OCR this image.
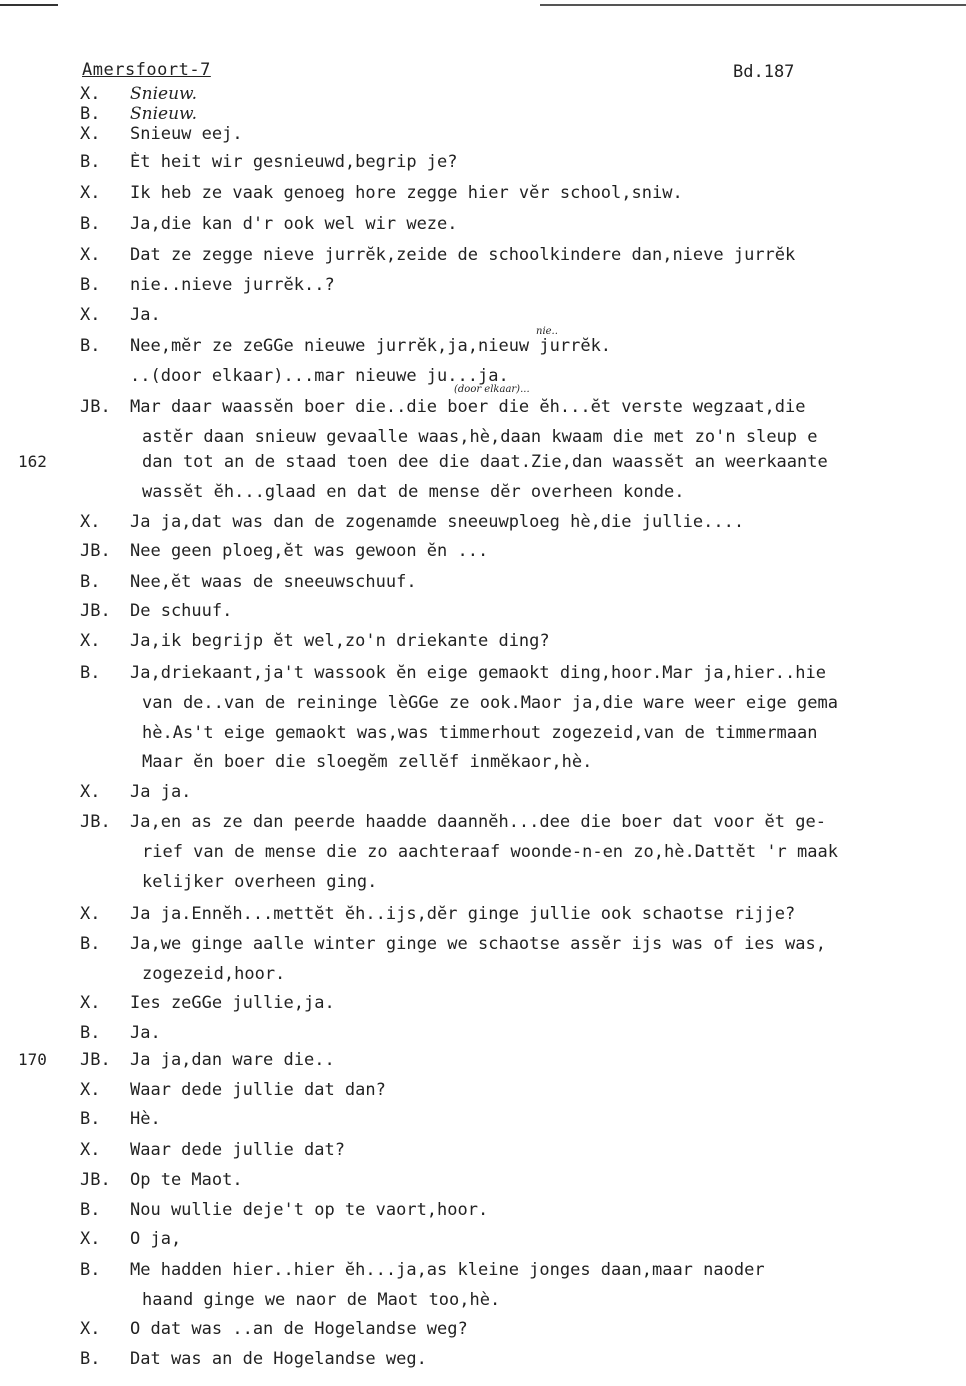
Amersfoort-7	Bd.187
162
170
nie..
(door elkaar)...
X. Snieuw.
B. Snieuw.
X. Snieuw eej.
B. Èt heit wir gesnieuwd,begrip je?
X. Ik heb ze vaak genoeg hore zegge hier vĕr school,sniw.
B. Ja,die kan d'r ook wel wir weze.
X. Dat ze zegge nieve jurrĕk,zeide de schoolkindere dan,nieve jurrĕk
B. nie..nieve jurrĕk..?
X. Ja.
B. Nee,mĕr ze zeGGe nieuwe jurrĕk,ja,nieuw jurrĕk.
..(door elkaar)...mar nieuwe ju...ja.
JB. Mar daar waassĕn boer die..die boer die ĕh...ĕt verste wegzaat,die
astĕr daan snieuw gevaalle waas,hè,daan kwaam die met zo'n sleup e
dan tot an de staad toen dee die daat.Zie,dan waassĕt an weerkaante
wassĕt ĕh...glaad en dat de mense dĕr overheen konde.
X. Ja ja,dat was dan de zogenamde sneeuwploeg hè,die jullie....
JB. Nee geen ploeg,ĕt was gewoon ĕn ...
B. Nee,ĕt waas de sneeuwschuuf.
JB. De schuuf.
X. Ja,ik begrijp ĕt wel,zo'n driekante ding?
B. Ja,driekaant,ja't wassook ĕn eige gemaokt ding,hoor.Mar ja,hier..hie
van de..van de reininge lèGGe ze ook.Maor ja,die ware weer eige gema
hè.As't eige gemaokt was,was timmerhout zogezeid,van de timmermaan
Maar ĕn boer die sloegĕm zellĕf inmĕkaor,hè.
X. Ja ja.
JB. Ja,en as ze dan peerde haadde daannĕh...dee die boer dat voor ĕt ge-
rief van de mense die zo aachteraaf woonde-n-en zo,hè.Dattĕt 'r maak
kelijker overheen ging.
X. Ja ja.Ennĕh...mettĕt ĕh..ijs,dĕr ginge jullie ook schaotse rijje?
B. Ja,we ginge aalle winter ginge we schaotse assĕr ijs was of ies was,
zogezeid,hoor.
X. Ies zeGGe jullie,ja.
B. Ja.
JB. Ja ja,dan ware die..
X. Waar dede jullie dat dan?
B. Hè.
X. Waar dede jullie dat?
JB. Op te Maot.
B. Nou wullie deje't op te vaort,hoor.
X. O ja,
B. Me hadden hier..hier ĕh...ja,as kleine jonges daan,maar naoder
haand ginge we naor de Maot too,hè.
X. O dat was ..an de Hogelandse weg?
B. Dat was an de Hogelandse weg.
